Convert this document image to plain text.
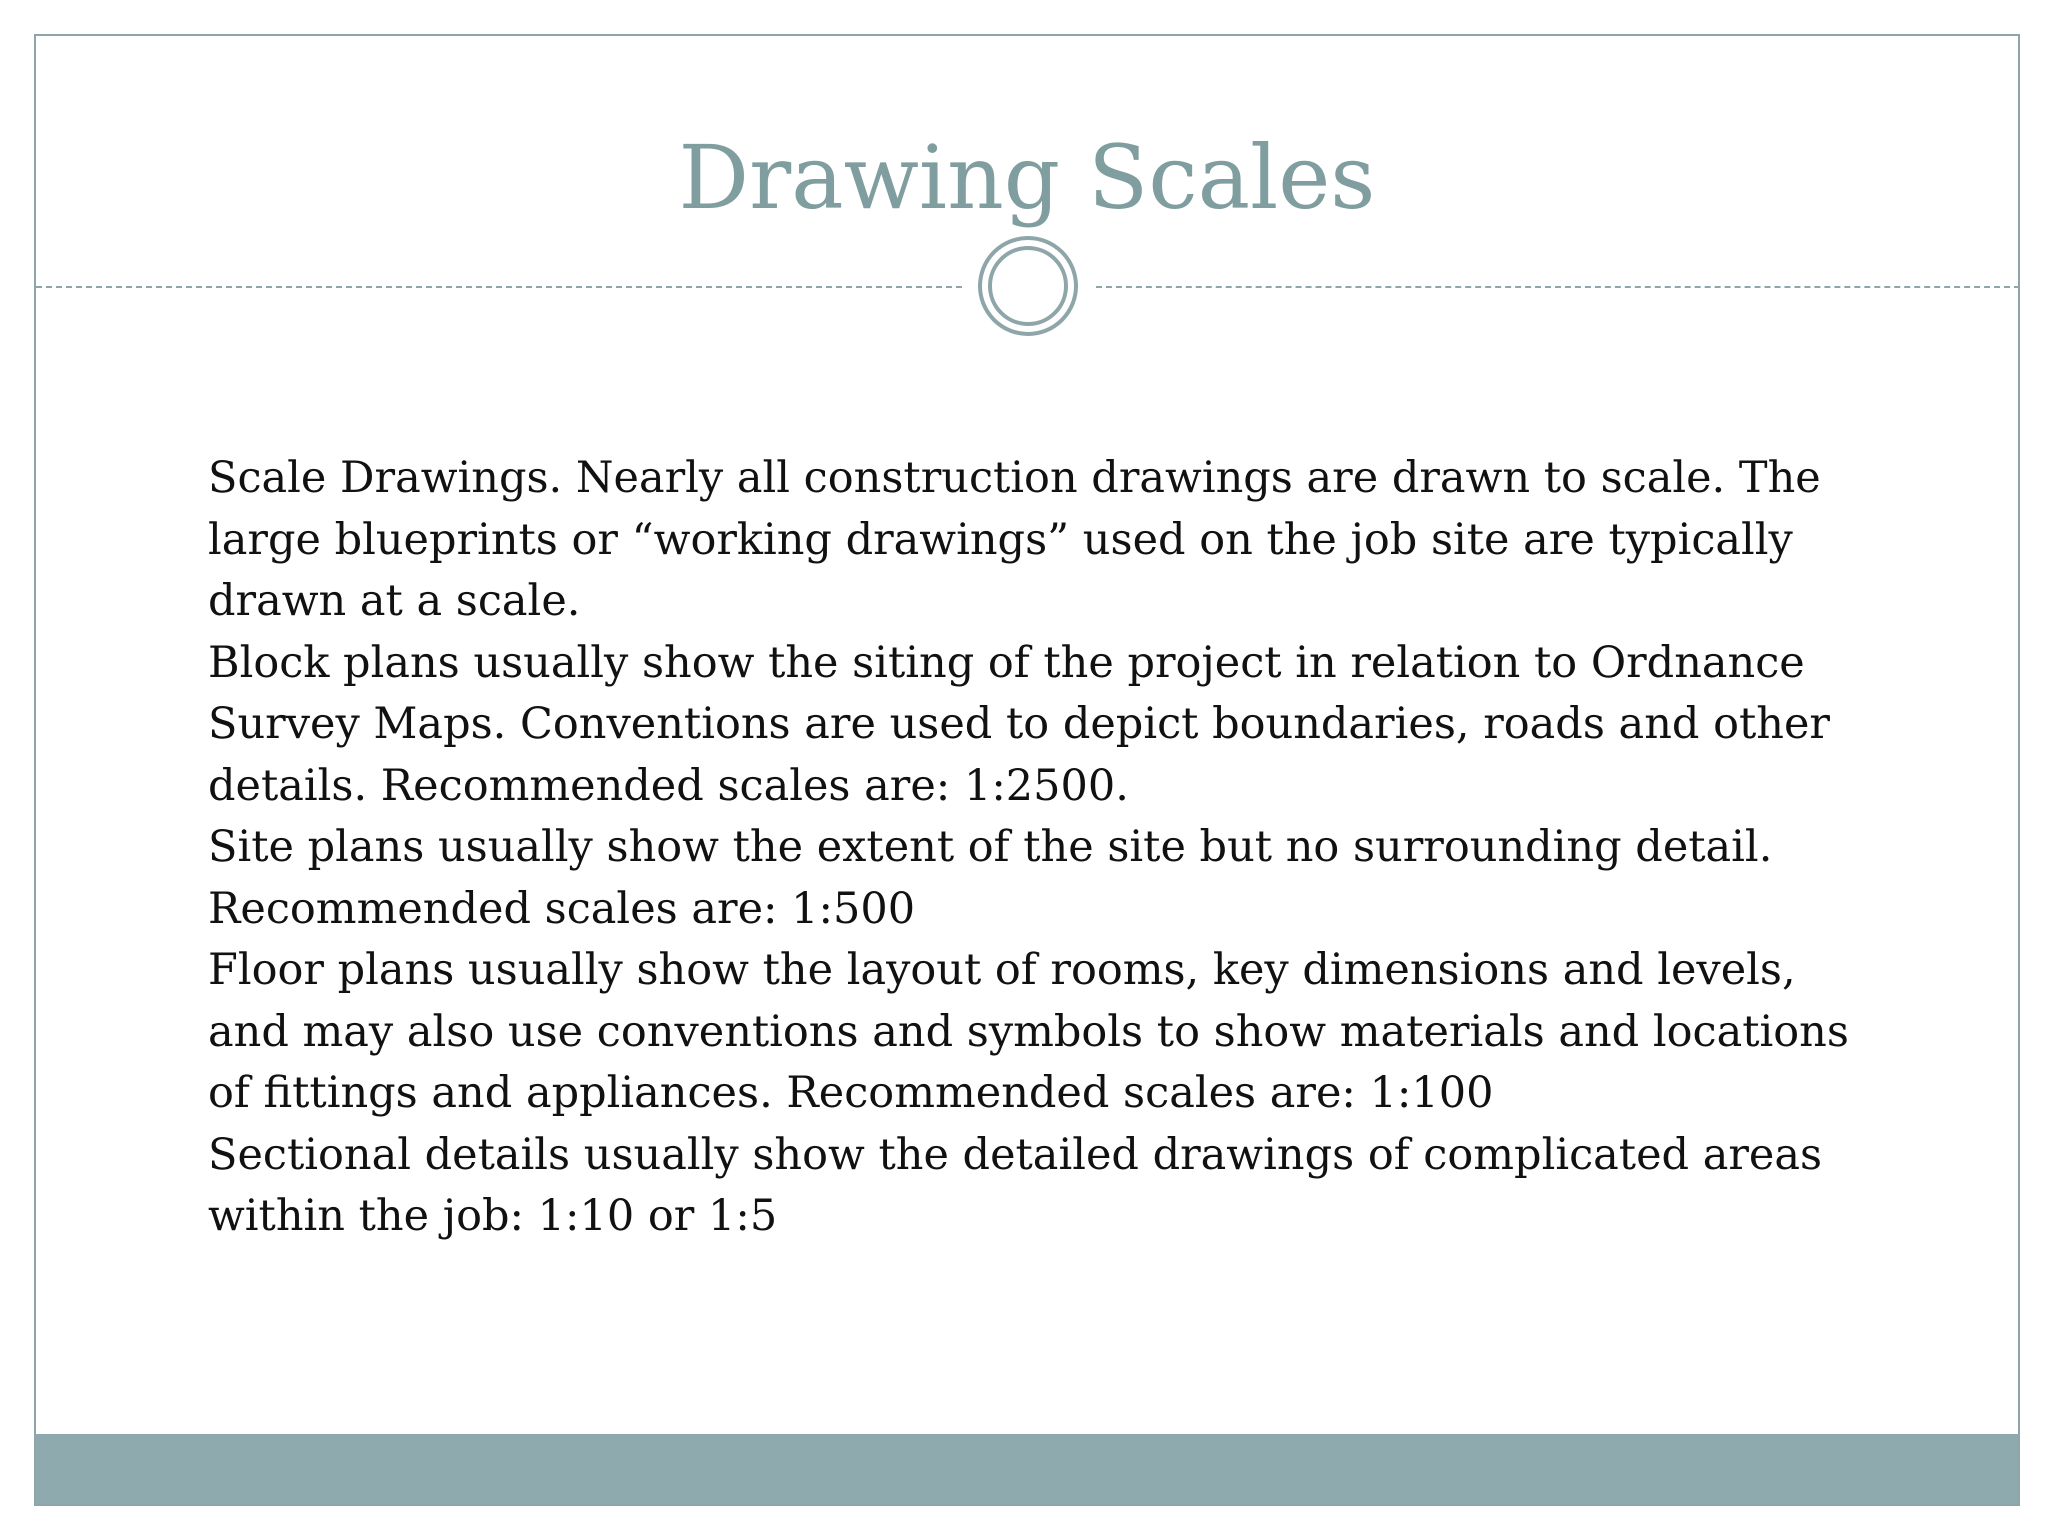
Drawing Scales
Scale Drawings. Nearly all construction drawings are drawn to scale. The large blueprints or “working drawings” used on the job site are typically drawn at a scale.
Block plans usually show the siting of the project in relation to Ordnance Survey Maps. Conventions are used to depict boundaries, roads and other details. Recommended scales are: 1:2500.
Site plans usually show the extent of the site but no surrounding detail. Recommended scales are: 1:500
Floor plans usually show the layout of rooms, key dimensions and levels, and may also use conventions and symbols to show materials and locations of fittings and appliances. Recommended scales are: 1:100
Sectional details usually show the detailed drawings of complicated areas within the job: 1:10 or 1:5
